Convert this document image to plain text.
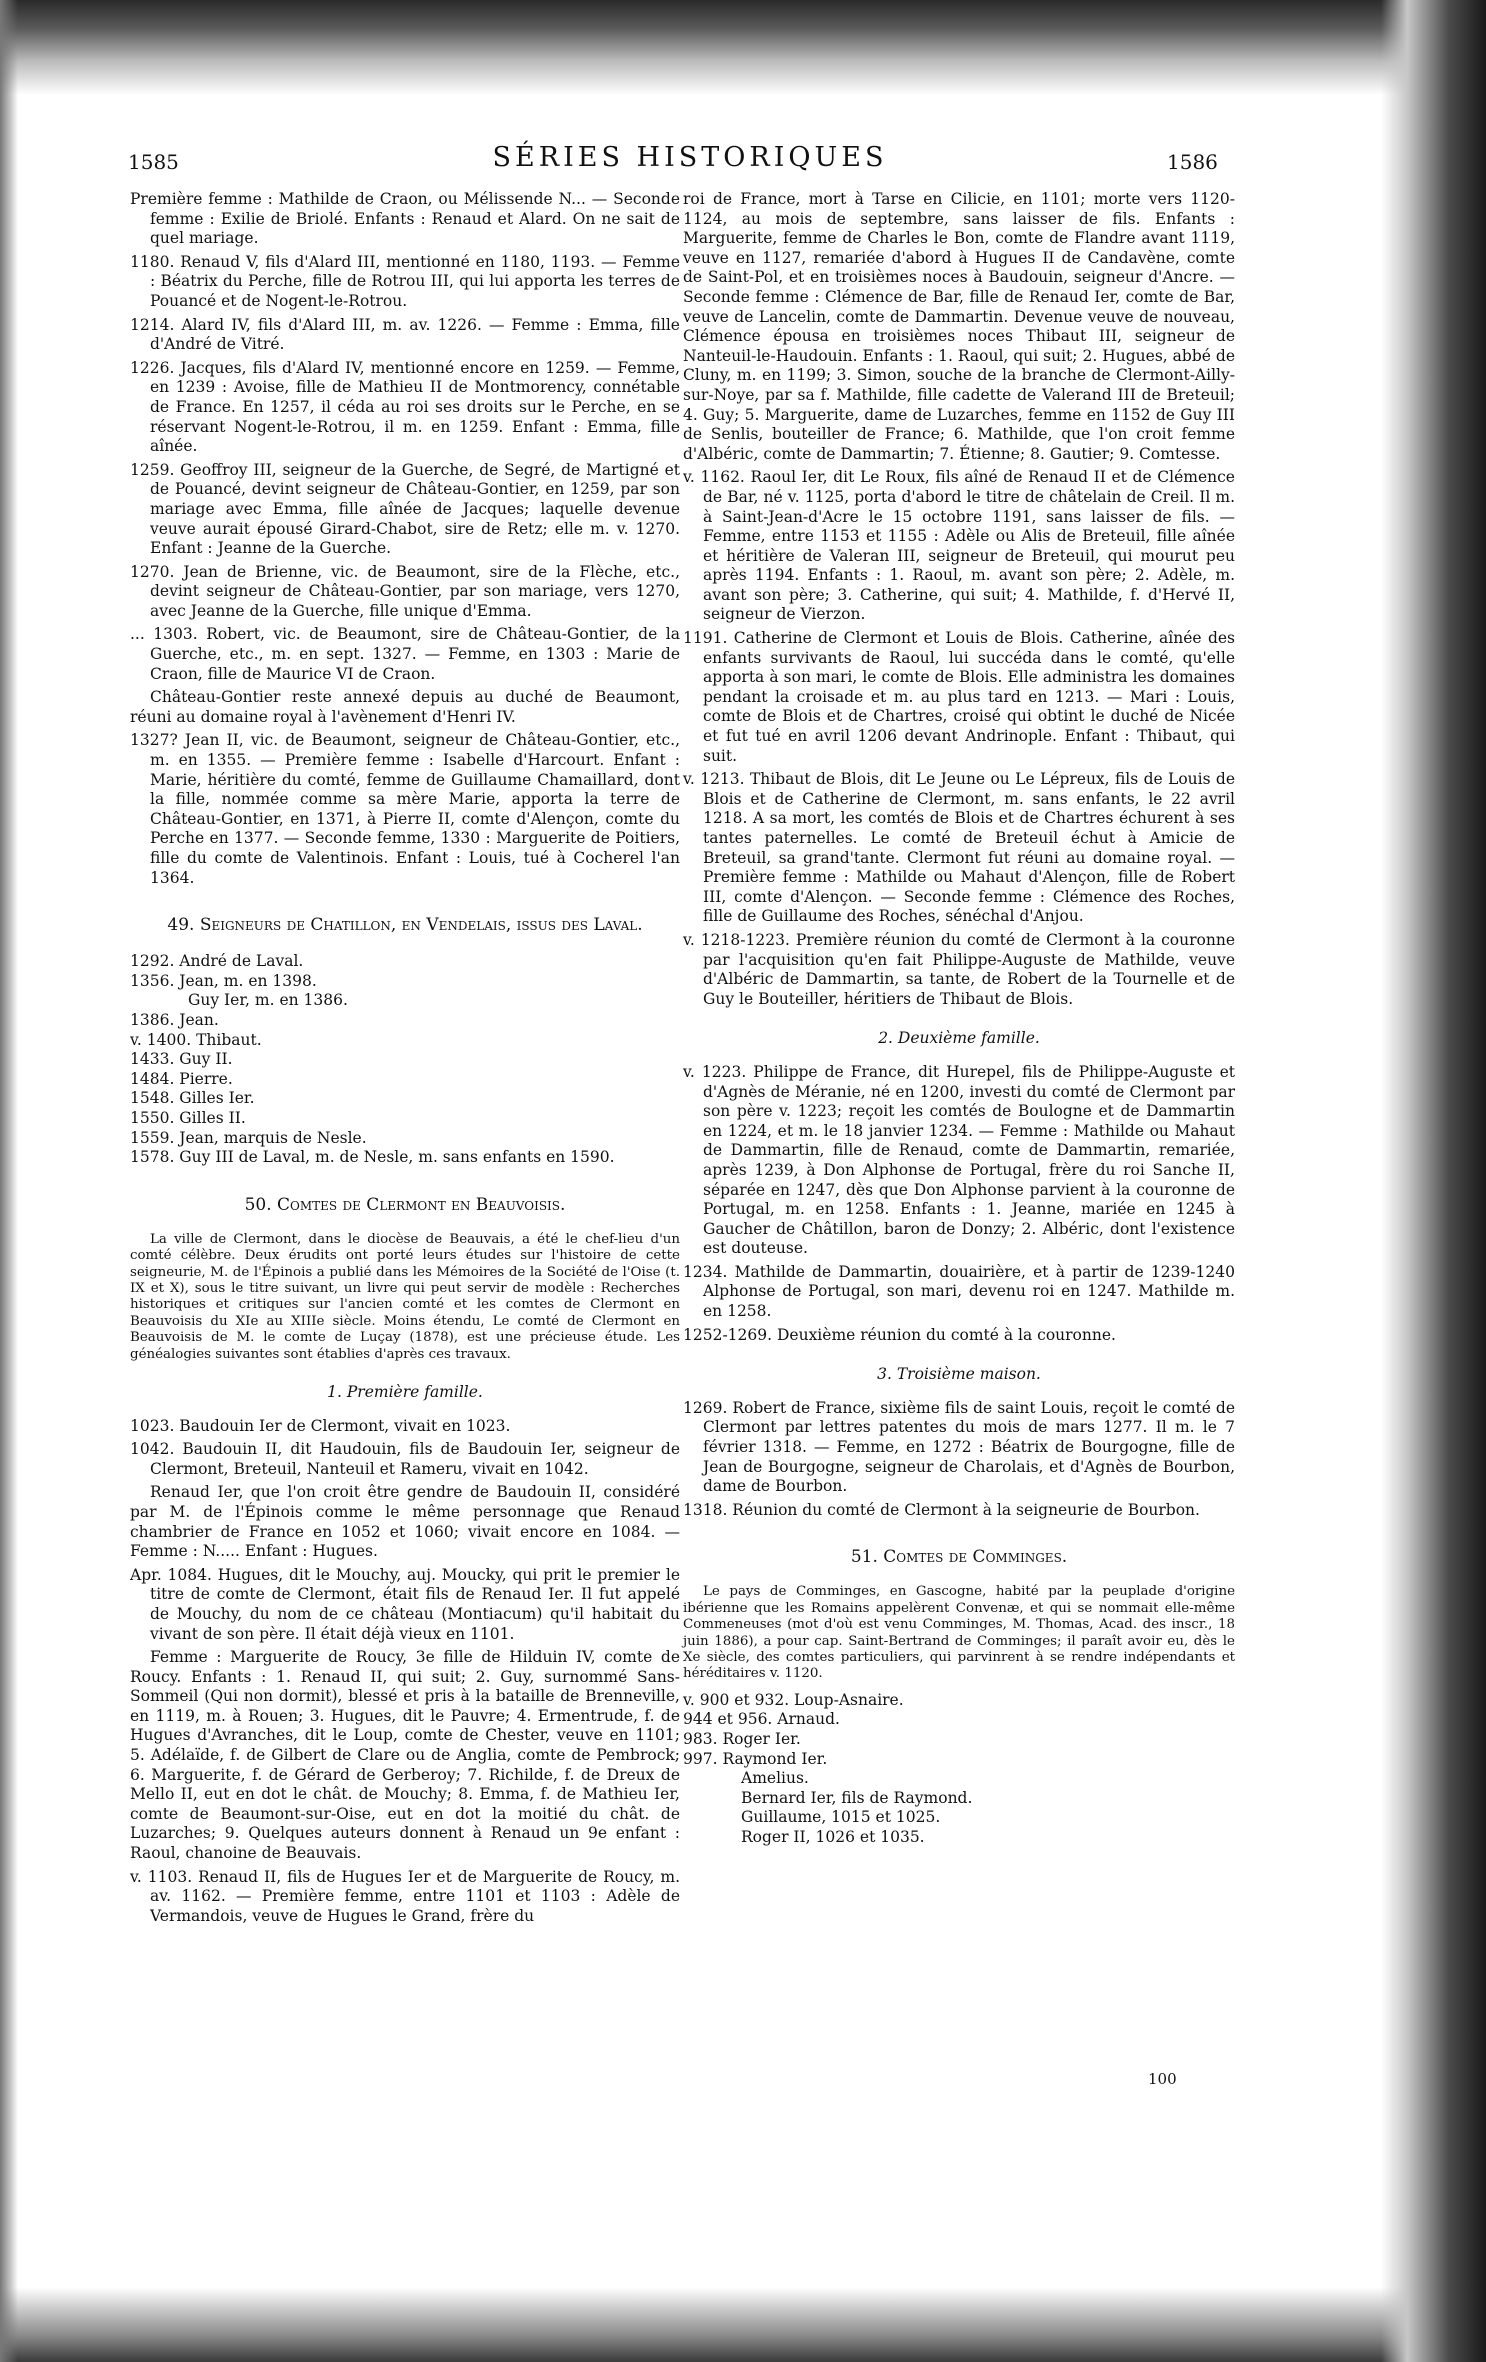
1585	SÉRIES HISTORIQUES	1586

Première femme : Mathilde de Craon, ou Mélissende N... — Seconde femme : Exilie de Briolé. Enfants : Renaud et Alard. On ne sait de quel mariage.

1180. Renaud V, fils d'Alard III, mentionné en 1180, 1193. — Femme : Béatrix du Perche, fille de Rotrou III, qui lui apporta les terres de Pouancé et de Nogent-le-Rotrou.

1214. Alard IV, fils d'Alard III, m. av. 1226. — Femme : Emma, fille d'André de Vitré.

1226. Jacques, fils d'Alard IV, mentionné encore en 1259. — Femme, en 1239 : Avoise, fille de Mathieu II de Montmorency, connétable de France. En 1257, il céda au roi ses droits sur le Perche, en se réservant Nogent-le-Rotrou, il m. en 1259. Enfant : Emma, fille aînée.

1259. Geoffroy III, seigneur de la Guerche, de Segré, de Martigné et de Pouancé, devint seigneur de Château-Gontier, en 1259, par son mariage avec Emma, fille aînée de Jacques; laquelle devenue veuve aurait épousé Girard-Chabot, sire de Retz; elle m. v. 1270. Enfant : Jeanne de la Guerche.

1270. Jean de Brienne, vic. de Beaumont, sire de la Flèche, etc., devint seigneur de Château-Gontier, par son mariage, vers 1270, avec Jeanne de la Guerche, fille unique d'Emma.

... 1303. Robert, vic. de Beaumont, sire de Château-Gontier, de la Guerche, etc., m. en sept. 1327. — Femme, en 1303 : Marie de Craon, fille de Maurice VI de Craon.

Château-Gontier reste annexé depuis au duché de Beaumont, réuni au domaine royal à l'avènement d'Henri IV.

1327? Jean II, vic. de Beaumont, seigneur de Château-Gontier, etc., m. en 1355. — Première femme : Isabelle d'Harcourt. Enfant : Marie, héritière du comté, femme de Guillaume Chamaillard, dont la fille, nommée comme sa mère Marie, apporta la terre de Château-Gontier, en 1371, à Pierre II, comte d'Alençon, comte du Perche en 1377. — Seconde femme, 1330 : Marguerite de Poitiers, fille du comte de Valentinois. Enfant : Louis, tué à Cocherel l'an 1364.

49. Seigneurs de Chatillon, en Vendelais, issus des Laval.
1292. André de Laval.
1356. Jean, m. en 1398.
Guy Ier, m. en 1386.
1386. Jean.
v. 1400. Thibaut.
1433. Guy II.
1484. Pierre.
1548. Gilles Ier.
1550. Gilles II.
1559. Jean, marquis de Nesle.
1578. Guy III de Laval, m. de Nesle, m. sans enfants en 1590.
50. Comtes de Clermont en Beauvoisis.

La ville de Clermont, dans le diocèse de Beauvais, a été le chef-lieu d'un comté célèbre. Deux érudits ont porté leurs études sur l'histoire de cette seigneurie, M. de l'Épinois a publié dans les Mémoires de la Société de l'Oise (t. IX et X), sous le titre suivant, un livre qui peut servir de modèle : Recherches historiques et critiques sur l'ancien comté et les comtes de Clermont en Beauvoisis du XIe au XIIIe siècle. Moins étendu, Le comté de Clermont en Beauvoisis de M. le comte de Luçay (1878), est une précieuse étude. Les généalogies suivantes sont établies d'après ces travaux.

1. Première famille.

1023. Baudouin Ier de Clermont, vivait en 1023.

1042. Baudouin II, dit Haudouin, fils de Baudouin Ier, seigneur de Clermont, Breteuil, Nanteuil et Rameru, vivait en 1042.

Renaud Ier, que l'on croit être gendre de Baudouin II, considéré par M. de l'Épinois comme le même personnage que Renaud chambrier de France en 1052 et 1060; vivait encore en 1084. — Femme : N..... Enfant : Hugues.

Apr. 1084. Hugues, dit le Mouchy, auj. Moucky, qui prit le premier le titre de comte de Clermont, était fils de Renaud Ier. Il fut appelé de Mouchy, du nom de ce château (Montiacum) qu'il habitait du vivant de son père. Il était déjà vieux en 1101.

Femme : Marguerite de Roucy, 3e fille de Hilduin IV, comte de Roucy. Enfants : 1. Renaud II, qui suit; 2. Guy, surnommé Sans-Sommeil (Qui non dormit), blessé et pris à la bataille de Brenneville, en 1119, m. à Rouen; 3. Hugues, dit le Pauvre; 4. Ermentrude, f. de Hugues d'Avranches, dit le Loup, comte de Chester, veuve en 1101; 5. Adélaïde, f. de Gilbert de Clare ou de Anglia, comte de Pembrock; 6. Marguerite, f. de Gérard de Gerberoy; 7. Richilde, f. de Dreux de Mello II, eut en dot le chât. de Mouchy; 8. Emma, f. de Mathieu Ier, comte de Beaumont-sur-Oise, eut en dot la moitié du chât. de Luzarches; 9. Quelques auteurs donnent à Renaud un 9e enfant : Raoul, chanoine de Beauvais.

v. 1103. Renaud II, fils de Hugues Ier et de Marguerite de Roucy, m. av. 1162. — Première femme, entre 1101 et 1103 : Adèle de Vermandois, veuve de Hugues le Grand, frère du

roi de France, mort à Tarse en Cilicie, en 1101; morte vers 1120-1124, au mois de septembre, sans laisser de fils. Enfants : Marguerite, femme de Charles le Bon, comte de Flandre avant 1119, veuve en 1127, remariée d'abord à Hugues II de Candavène, comte de Saint-Pol, et en troisièmes noces à Baudouin, seigneur d'Ancre. — Seconde femme : Clémence de Bar, fille de Renaud Ier, comte de Bar, veuve de Lancelin, comte de Dammartin. Devenue veuve de nouveau, Clémence épousa en troisièmes noces Thibaut III, seigneur de Nanteuil-le-Haudouin. Enfants : 1. Raoul, qui suit; 2. Hugues, abbé de Cluny, m. en 1199; 3. Simon, souche de la branche de Clermont-Ailly-sur-Noye, par sa f. Mathilde, fille cadette de Valerand III de Breteuil; 4. Guy; 5. Marguerite, dame de Luzarches, femme en 1152 de Guy III de Senlis, bouteiller de France; 6. Mathilde, que l'on croit femme d'Albéric, comte de Dammartin; 7. Étienne; 8. Gautier; 9. Comtesse.

v. 1162. Raoul Ier, dit Le Roux, fils aîné de Renaud II et de Clémence de Bar, né v. 1125, porta d'abord le titre de châtelain de Creil. Il m. à Saint-Jean-d'Acre le 15 octobre 1191, sans laisser de fils. — Femme, entre 1153 et 1155 : Adèle ou Alis de Breteuil, fille aînée et héritière de Valeran III, seigneur de Breteuil, qui mourut peu après 1194. Enfants : 1. Raoul, m. avant son père; 2. Adèle, m. avant son père; 3. Catherine, qui suit; 4. Mathilde, f. d'Hervé II, seigneur de Vierzon.

1191. Catherine de Clermont et Louis de Blois. Catherine, aînée des enfants survivants de Raoul, lui succéda dans le comté, qu'elle apporta à son mari, le comte de Blois. Elle administra les domaines pendant la croisade et m. au plus tard en 1213. — Mari : Louis, comte de Blois et de Chartres, croisé qui obtint le duché de Nicée et fut tué en avril 1206 devant Andrinople. Enfant : Thibaut, qui suit.

v. 1213. Thibaut de Blois, dit Le Jeune ou Le Lépreux, fils de Louis de Blois et de Catherine de Clermont, m. sans enfants, le 22 avril 1218. A sa mort, les comtés de Blois et de Chartres échurent à ses tantes paternelles. Le comté de Breteuil échut à Amicie de Breteuil, sa grand'tante. Clermont fut réuni au domaine royal. — Première femme : Mathilde ou Mahaut d'Alençon, fille de Robert III, comte d'Alençon. — Seconde femme : Clémence des Roches, fille de Guillaume des Roches, sénéchal d'Anjou.

v. 1218-1223. Première réunion du comté de Clermont à la couronne par l'acquisition qu'en fait Philippe-Auguste de Mathilde, veuve d'Albéric de Dammartin, sa tante, de Robert de la Tournelle et de Guy le Bouteiller, héritiers de Thibaut de Blois.

2. Deuxième famille.

v. 1223. Philippe de France, dit Hurepel, fils de Philippe-Auguste et d'Agnès de Méranie, né en 1200, investi du comté de Clermont par son père v. 1223; reçoit les comtés de Boulogne et de Dammartin en 1224, et m. le 18 janvier 1234. — Femme : Mathilde ou Mahaut de Dammartin, fille de Renaud, comte de Dammartin, remariée, après 1239, à Don Alphonse de Portugal, frère du roi Sanche II, séparée en 1247, dès que Don Alphonse parvient à la couronne de Portugal, m. en 1258. Enfants : 1. Jeanne, mariée en 1245 à Gaucher de Châtillon, baron de Donzy; 2. Albéric, dont l'existence est douteuse.

1234. Mathilde de Dammartin, douairière, et à partir de 1239-1240 Alphonse de Portugal, son mari, devenu roi en 1247. Mathilde m. en 1258.

1252-1269. Deuxième réunion du comté à la couronne.

3. Troisième maison.

1269. Robert de France, sixième fils de saint Louis, reçoit le comté de Clermont par lettres patentes du mois de mars 1277. Il m. le 7 février 1318. — Femme, en 1272 : Béatrix de Bourgogne, fille de Jean de Bourgogne, seigneur de Charolais, et d'Agnès de Bourbon, dame de Bourbon.

1318. Réunion du comté de Clermont à la seigneurie de Bourbon.

51. Comtes de Comminges.

Le pays de Comminges, en Gascogne, habité par la peuplade d'origine ibérienne que les Romains appelèrent Convenæ, et qui se nommait elle-même Commeneuses (mot d'où est venu Comminges, M. Thomas, Acad. des inscr., 18 juin 1886), a pour cap. Saint-Bertrand de Comminges; il paraît avoir eu, dès le Xe siècle, des comtes particuliers, qui parvinrent à se rendre indépendants et héréditaires v. 1120.

v. 900 et 932. Loup-Asnaire.
944 et 956. Arnaud.
983. Roger Ier.
997. Raymond Ier.
Amelius.
Bernard Ier, fils de Raymond.
Guillaume, 1015 et 1025.
Roger II, 1026 et 1035.
100
